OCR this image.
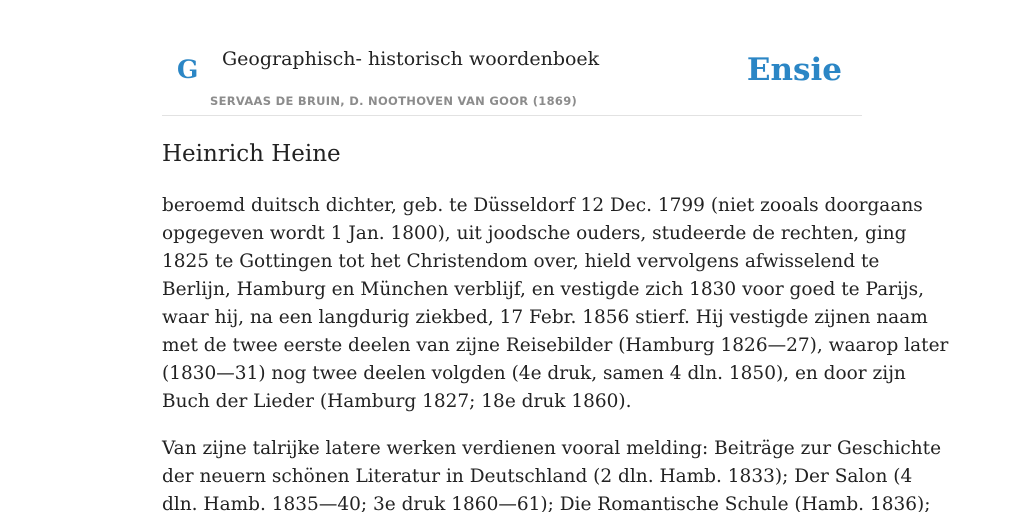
G Geographisch- historisch woordenboek
SERVAAS DE BRUIN, D. NOOTHOVEN VAN GOOR (1869)
Ensie
Heinrich Heine

beroemd duitsch dichter, geb. te Düsseldorf 12 Dec. 1799 (niet zooals doorgaans
opgegeven wordt 1 Jan. 1800), uit joodsche ouders, studeerde de rechten, ging
1825 te Gottingen tot het Christendom over, hield vervolgens afwisselend te
Berlijn, Hamburg en München verblijf, en vestigde zich 1830 voor goed te Parijs,
waar hij, na een langdurig ziekbed, 17 Febr. 1856 stierf. Hij vestigde zijnen naam
met de twee eerste deelen van zijne Reisebilder (Hamburg 1826—27), waarop later
(1830—31) nog twee deelen volgden (4e druk, samen 4 dln. 1850), en door zijn
Buch der Lieder (Hamburg 1827; 18e druk 1860).

Van zijne talrijke latere werken verdienen vooral melding: Beiträge zur Geschichte
der neuern schönen Literatur in Deutschland (2 dln. Hamb. 1833); Der Salon (4
dln. Hamb. 1835—40; 3e druk 1860—61); Die Romantische Schule (Hamb. 1836);
